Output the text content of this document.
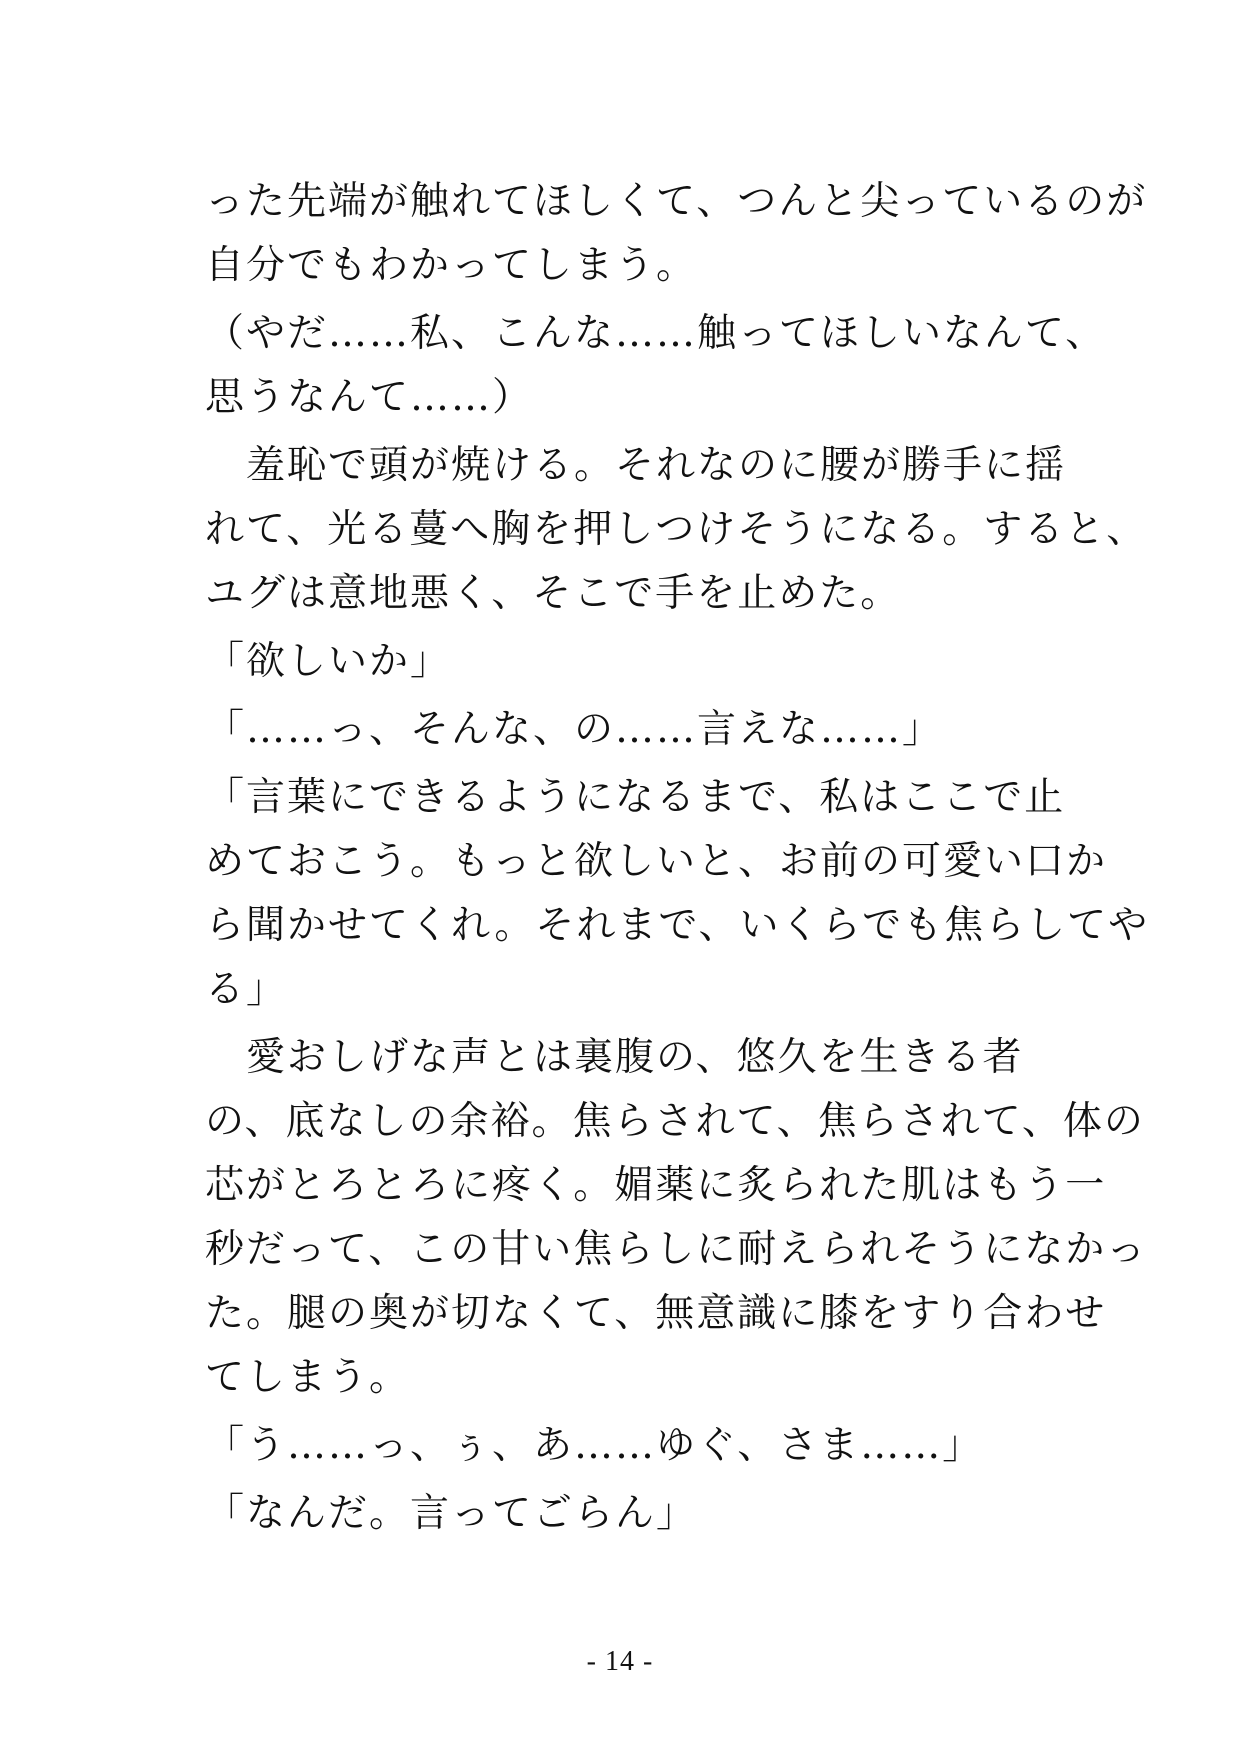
った先端が触れてほしくて、つんと尖っているのが
自分でもわかってしまう。
（やだ……私、こんな……触ってほしいなんて、
思うなんて……）
　羞恥で頭が焼ける。それなのに腰が勝手に揺
れて、光る蔓へ胸を押しつけそうになる。すると、
ユグは意地悪く、そこで手を止めた。
「欲しいか」
「……っ、そんな、の……言えな……」
「言葉にできるようになるまで、私はここで止
めておこう。もっと欲しいと、お前の可愛い口か
ら聞かせてくれ。それまで、いくらでも焦らしてや
る」
　愛おしげな声とは裏腹の、悠久を生きる者
の、底なしの余裕。焦らされて、焦らされて、体の
芯がとろとろに疼く。媚薬に炙られた肌はもう一
秒だって、この甘い焦らしに耐えられそうになかっ
た。腿の奥が切なくて、無意識に膝をすり合わせ
てしまう。
「う……っ、ぅ、あ……ゆぐ、さま……」
「なんだ。言ってごらん」
- 14 -
